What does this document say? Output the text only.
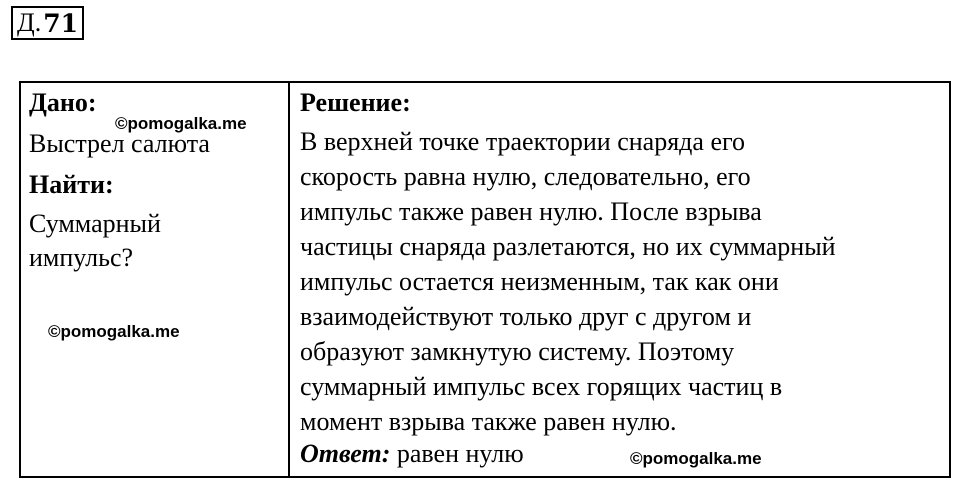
Д. 71
Дано:
Выстрел салюта
Найти:
Суммарный
импульс?
Решение:
В верхней точке траектории снаряда его
скорость равна нулю, следовательно, его
импульс также равен нулю. После взрыва
частицы снаряда разлетаются, но их суммарный
импульс остается неизменным, так как они
взаимодействуют только друг с другом и
образуют замкнутую систему. Поэтому
суммарный импульс всех горящих частиц в
момент взрыва также равен нулю.
Ответ: равен нулю
©pomogalka.me
©pomogalka.me
©pomogalka.me
